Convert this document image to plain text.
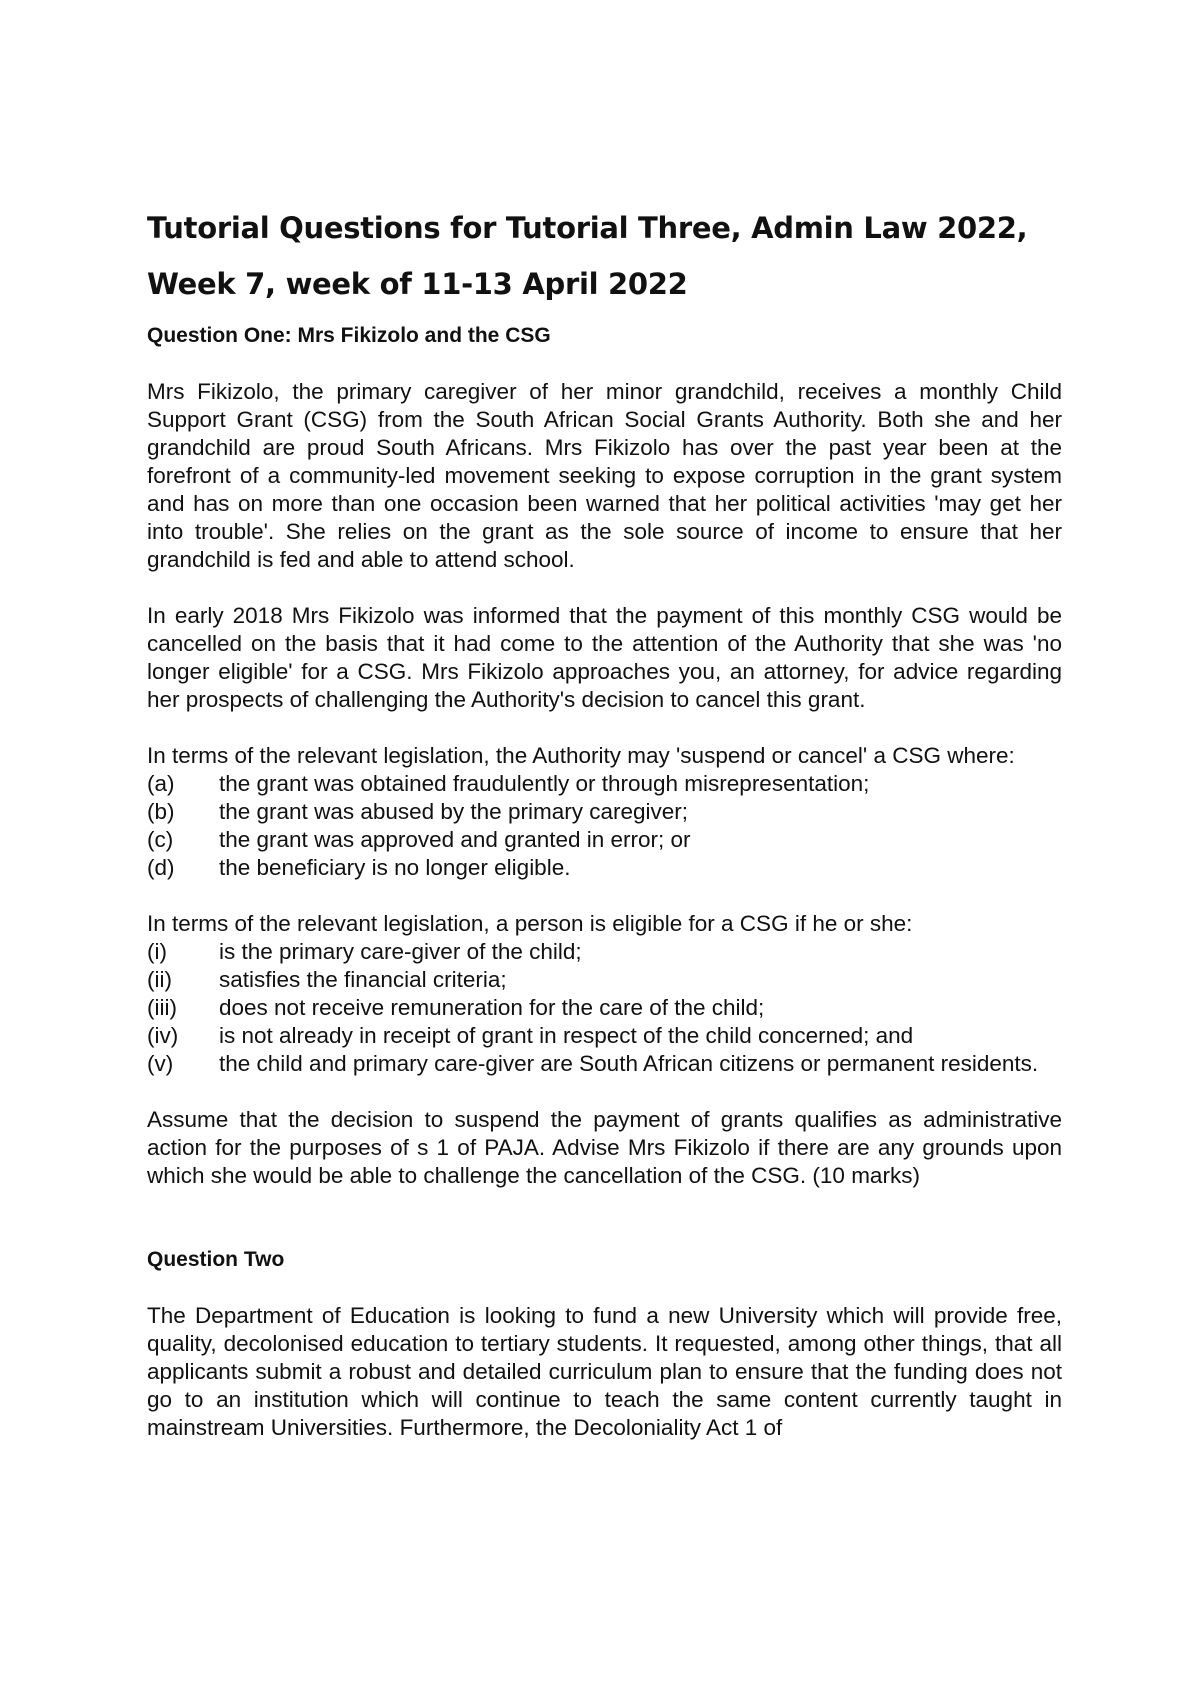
Tutorial Questions for Tutorial Three, Admin Law 2022,
Week 7, week of 11-13 April 2022
Question One: Mrs Fikizolo and the CSG

Mrs Fikizolo, the primary caregiver of her minor grandchild, receives a monthly Child Support Grant (CSG) from the South African Social Grants Authority. Both she and her grandchild are proud South Africans. Mrs Fikizolo has over the past year been at the forefront of a community-led movement seeking to expose corruption in the grant system and has on more than one occasion been warned that her political activities 'may get her into trouble'. She relies on the grant as the sole source of income to ensure that her grandchild is fed and able to attend school.

In early 2018 Mrs Fikizolo was informed that the payment of this monthly CSG would be cancelled on the basis that it had come to the attention of the Authority that she was 'no longer eligible' for a CSG. Mrs Fikizolo approaches you, an attorney, for advice regarding her prospects of challenging the Authority's decision to cancel this grant.

In terms of the relevant legislation, the Authority may 'suspend or cancel' a CSG where:

(a)	the grant was obtained fraudulently or through misrepresentation;
(b)	the grant was abused by the primary caregiver;
(c)	the grant was approved and granted in error; or
(d)	the beneficiary is no longer eligible.

In terms of the relevant legislation, a person is eligible for a CSG if he or she:

(i)	is the primary care-giver of the child;
(ii)	satisfies the financial criteria;
(iii)	does not receive remuneration for the care of the child;
(iv)	is not already in receipt of grant in respect of the child concerned; and
(v)	the child and primary care-giver are South African citizens or permanent residents.

Assume that the decision to suspend the payment of grants qualifies as administrative action for the purposes of s 1 of PAJA. Advise Mrs Fikizolo if there are any grounds upon which she would be able to challenge the cancellation of the CSG. (10 marks)

Question Two

The Department of Education is looking to fund a new University which will provide free, quality, decolonised education to tertiary students. It requested, among other things, that all applicants submit a robust and detailed curriculum plan to ensure that the funding does not go to an institution which will continue to teach the same content currently taught in mainstream Universities. Furthermore, the Decoloniality Act 1 of
